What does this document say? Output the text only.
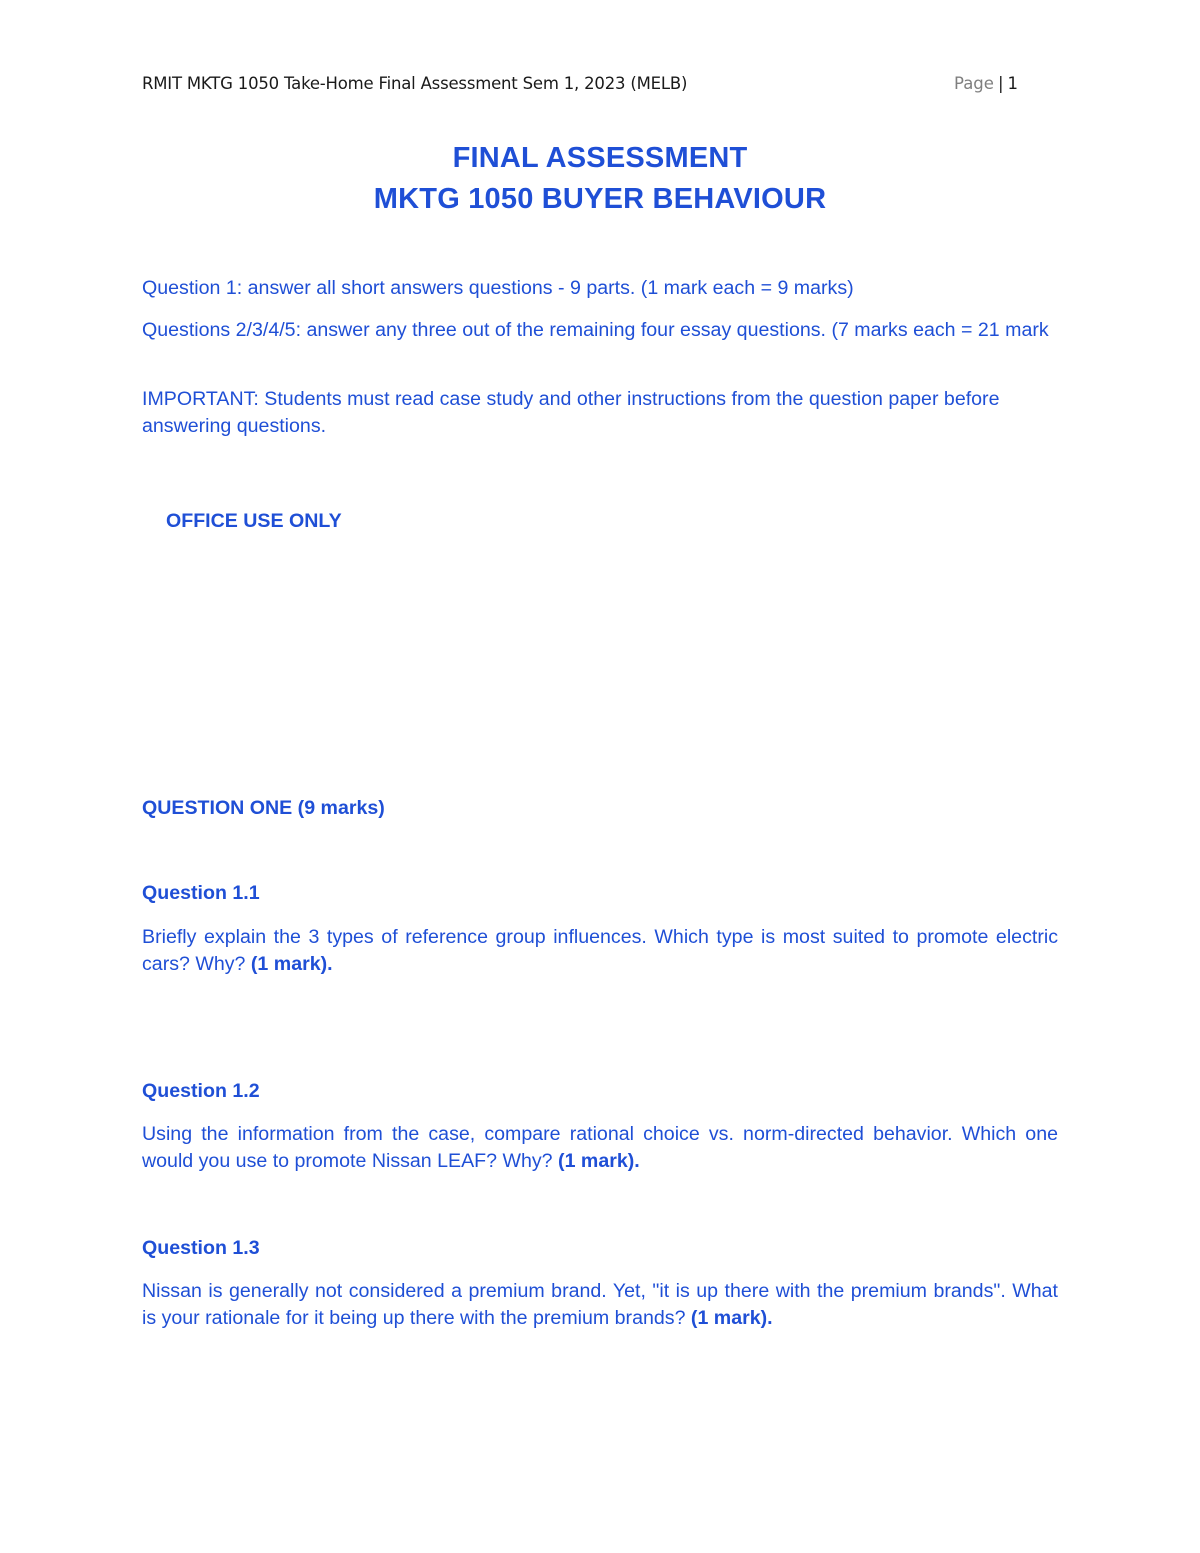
RMIT MKTG 1050 Take-Home Final Assessment Sem 1, 2023 (MELB)	Page | 1
FINAL ASSESSMENT
MKTG 1050 BUYER BEHAVIOUR
Question 1: answer all short answers questions - 9 parts. (1 mark each = 9 marks)
Questions 2/3/4/5: answer any three out of the remaining four essay questions. (7 marks each = 21 mark
IMPORTANT: Students must read case study and other instructions from the question paper before answering questions.
OFFICE USE ONLY
QUESTION ONE (9 marks)
Question 1.1
Briefly explain the 3 types of reference group influences. Which type is most suited to promote electric cars? Why? (1 mark).
Question 1.2
Using the information from the case, compare rational choice vs. norm-directed behavior. Which one would you use to promote Nissan LEAF? Why? (1 mark).
Question 1.3
Nissan is generally not considered a premium brand. Yet, "it is up there with the premium brands". What is your rationale for it being up there with the premium brands? (1 mark).
